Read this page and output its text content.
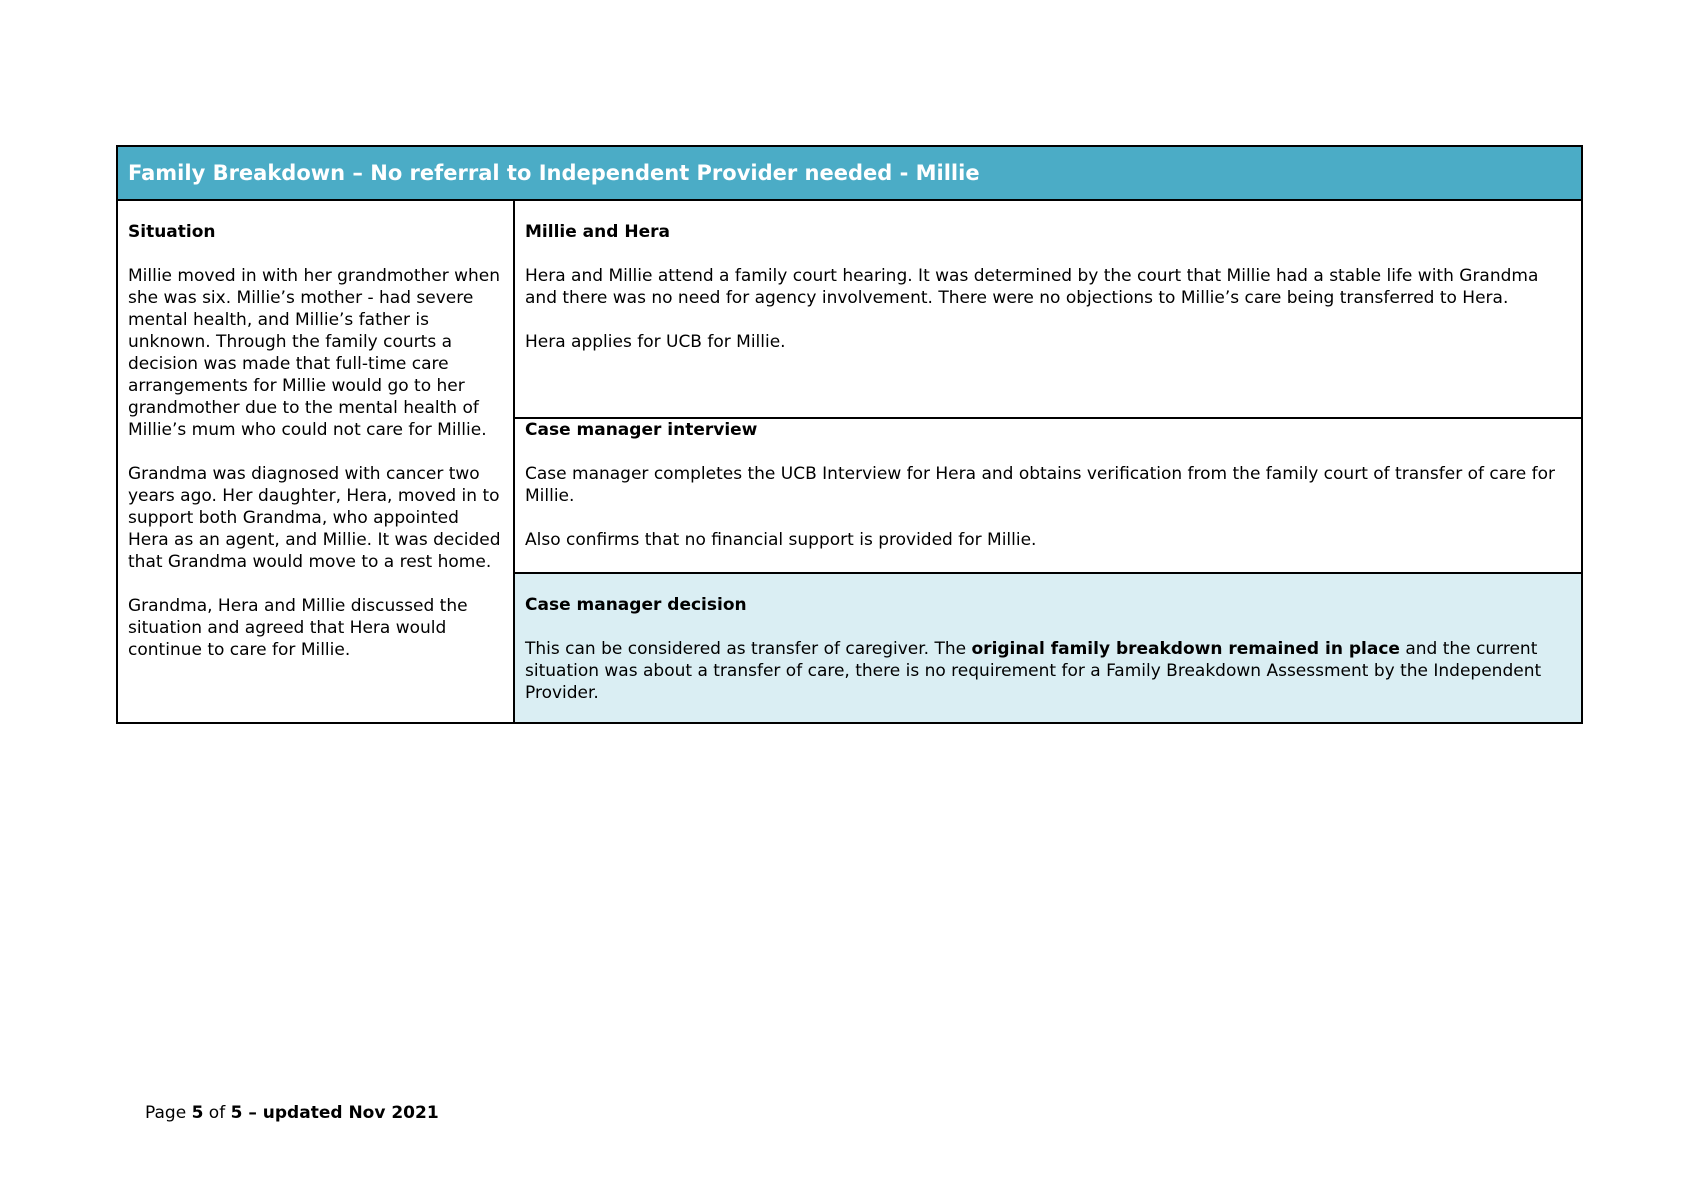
Family Breakdown – No referral to Independent Provider needed - Millie
Situation

Millie moved in with her grandmother when she was six. Millie’s mother - had severe mental health, and Millie’s father is unknown. Through the family courts a decision was made that full-time care arrangements for Millie would go to her grandmother due to the mental health of Millie’s mum who could not care for Millie.

Grandma was diagnosed with cancer two years ago. Her daughter, Hera, moved in to support both Grandma, who appointed Hera as an agent, and Millie. It was decided that Grandma would move to a rest home.

Grandma, Hera and Millie discussed the situation and agreed that Hera would continue to care for Millie.

Millie and Hera

Hera and Millie attend a family court hearing. It was determined by the court that Millie had a stable life with Grandma and there was no need for agency involvement. There were no objections to Millie’s care being transferred to Hera.

Hera applies for UCB for Millie.

Case manager interview

Case manager completes the UCB Interview for Hera and obtains verification from the family court of transfer of care for Millie.

Also confirms that no financial support is provided for Millie.

Case manager decision

This can be considered as transfer of caregiver. The original family breakdown remained in place and the current situation was about a transfer of care, there is no requirement for a Family Breakdown Assessment by the Independent Provider.

Page 5 of 5 – updated Nov 2021
